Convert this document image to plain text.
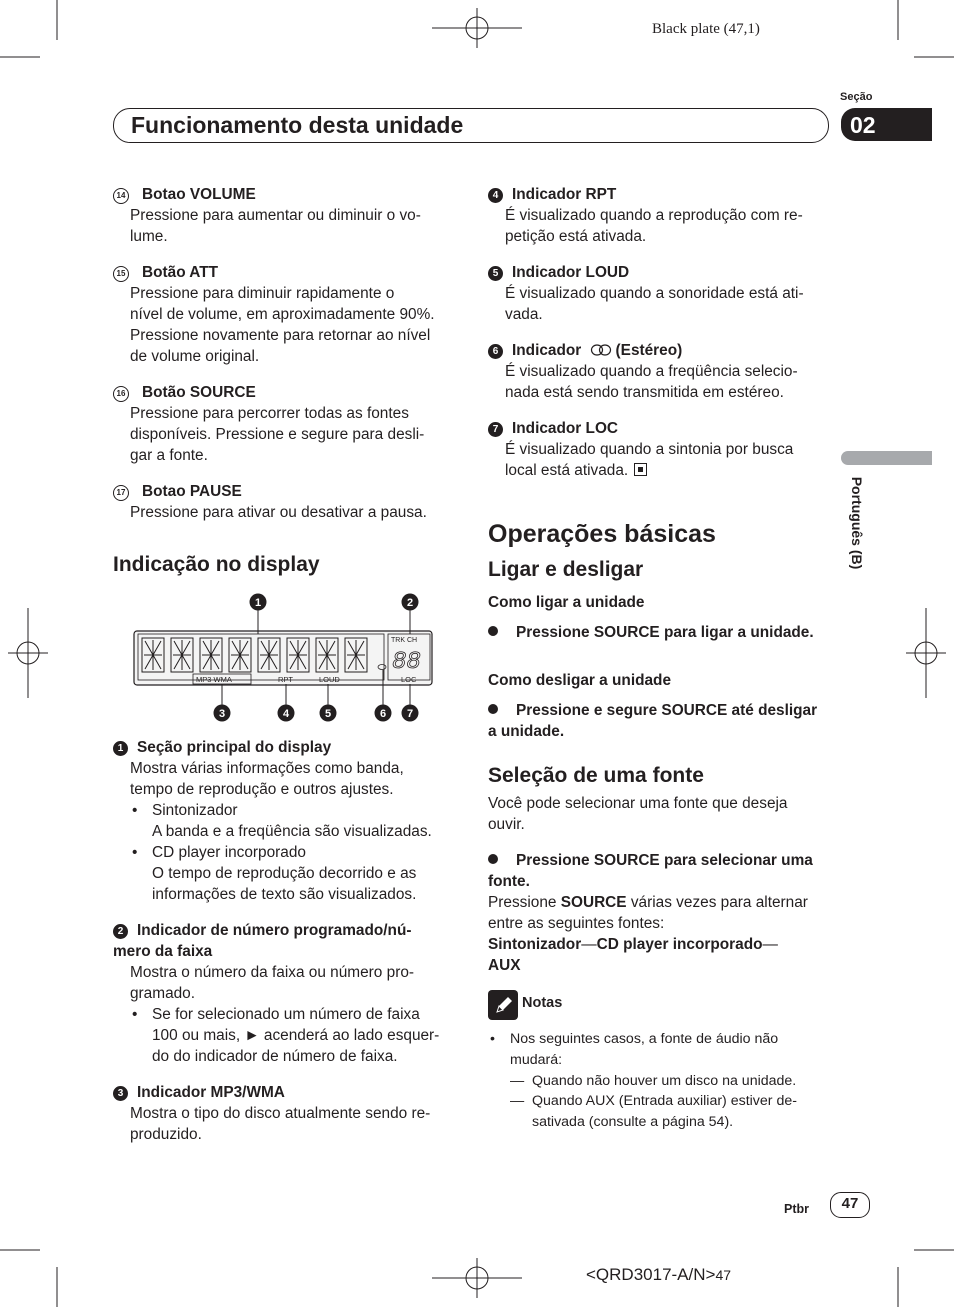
Black plate (47,1)
Seção
Funcionamento desta unidade	02
Português (B)
14 Botao VOLUME
Pressione para aumentar ou diminuir o vo-
lume.
15 Botão ATT
Pressione para diminuir rapidamente o
nível de volume, em aproximadamente 90%.
Pressione novamente para retornar ao nível
de volume original.
16 Botão SOURCE
Pressione para percorrer todas as fontes
disponíveis. Pressione e segure para desli-
gar a fonte.
17 Botao PAUSE
Pressione para ativar ou desativar a pausa.
Indicação no display
TRK CH
88
MP3 WMA	RPT	LOUD	LOC
1	2
3	4	5	6 7
1 Seção principal do display
Mostra várias informações como banda,
tempo de reprodução e outros ajustes.
• Sintonizador
A banda e a freqüência são visualizadas.
• CD player incorporado
O tempo de reprodução decorrido e as
informações de texto são visualizados.
2 Indicador de número programado/nú-
mero da faixa
Mostra o número da faixa ou número pro-
gramado.
• Se for selecionado um número de faixa
100 ou mais, ► acenderá ao lado esquer-
do do indicador de número de faixa.
3 Indicador MP3/WMA
Mostra o tipo do disco atualmente sendo re-
produzido.
4 Indicador RPT
É visualizado quando a reprodução com re-
petição está ativada.
5 Indicador LOUD
É visualizado quando a sonoridade está ati-
vada.
6 Indicador (Estéreo)
É visualizado quando a freqüência selecio-
nada está sendo transmitida em estéreo.
7 Indicador LOC
É visualizado quando a sintonia por busca
local está ativada.
Operações básicas
Ligar e desligar
Como ligar a unidade
Pressione SOURCE para ligar a unidade.
Como desligar a unidade
Pressione e segure SOURCE até desligar
a unidade.
Seleção de uma fonte
Você pode selecionar uma fonte que deseja
ouvir.
Pressione SOURCE para selecionar uma
fonte.
Pressione SOURCE várias vezes para alternar
entre as seguintes fontes:
Sintonizador—CD player incorporado—
AUX
Notas
• Nos seguintes casos, a fonte de áudio não
mudará:
— Quando não houver um disco na unidade.
— Quando AUX (Entrada auxiliar) estiver de-
sativada (consulte a página 54).
Ptbr	47
<QRD3017-A/N>47
